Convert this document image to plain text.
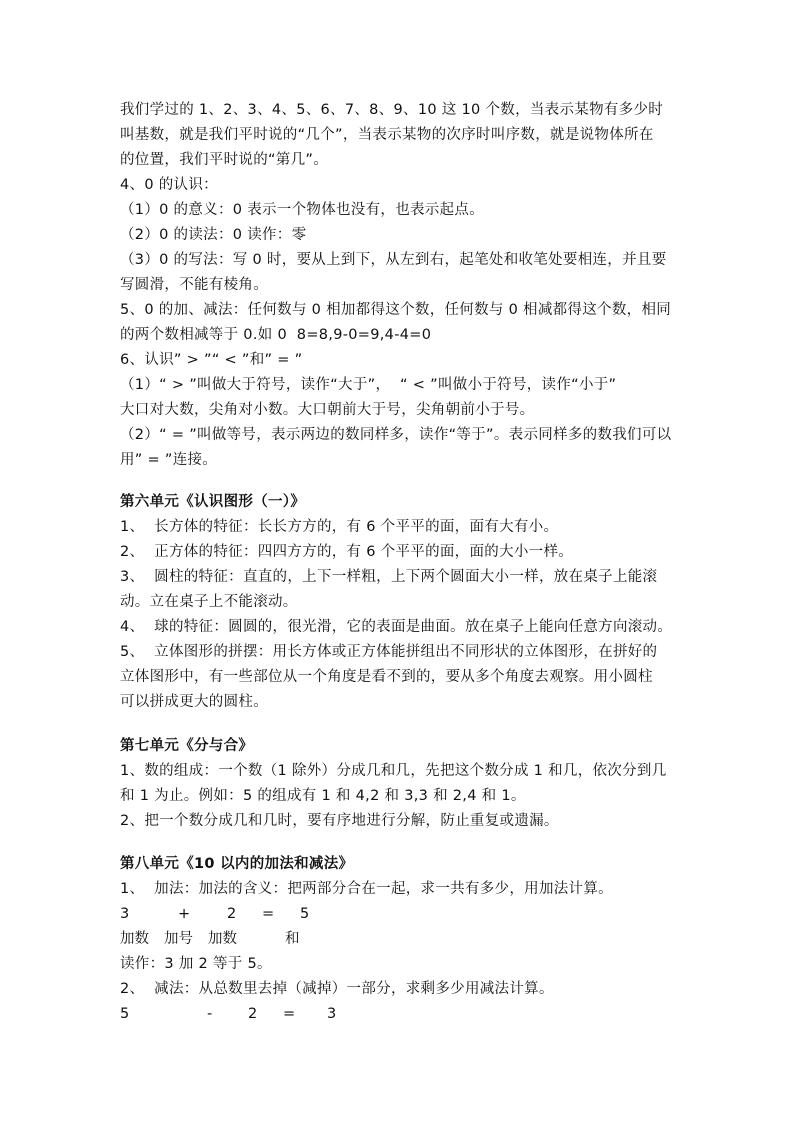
我们学过的 1、2、3、4、5、6、7、8、9、10 这 10 个数，当表示某物有多少时
叫基数，就是我们平时说的“几个”，当表示某物的次序时叫序数，就是说物体所在
的位置，我们平时说的“第几”。
4、0 的认识：
（1）0 的意义：0 表示一个物体也没有，也表示起点。
（2）0 的读法：0 读作：零
（3）0 的写法：写 0 时，要从上到下，从左到右，起笔处和收笔处要相连，并且要
写圆滑，不能有棱角。
5、0 的加、减法：任何数与 0 相加都得这个数，任何数与 0 相减都得这个数，相同
的两个数相减等于 0.如 0  8=8,9-0=9,4-4=0
6、认识” > ”“ < ”和” = ”
（1）“ > ”叫做大于符号，读作“大于”，  “ < ”叫做小于符号，读作“小于”
大口对大数，尖角对小数。大口朝前大于号，尖角朝前小于号。
（2）“ = ”叫做等号，表示两边的数同样多，读作“等于”。表示同样多的数我们可以
用” = ”连接。
第六单元《认识图形（一）》
1、  长方体的特征：长长方方的，有 6 个平平的面，面有大有小。
2、  正方体的特征：四四方方的，有 6 个平平的面，面的大小一样。
3、  圆柱的特征：直直的，上下一样粗，上下两个圆面大小一样，放在桌子上能滚
动。立在桌子上不能滚动。
4、  球的特征：圆圆的，很光滑，它的表面是曲面。放在桌子上能向任意方向滚动。
5、  立体图形的拼摆：用长方体或正方体能拼组出不同形状的立体图形，在拼好的
立体图形中，有一些部位从一个角度是看不到的，要从多个角度去观察。用小圆柱
可以拼成更大的圆柱。
第七单元《分与合》
1、数的组成：一个数（1 除外）分成几和几，先把这个数分成 1 和几，依次分到几
和 1 为止。例如：5 的组成有 1 和 4,2 和 3,3 和 2,4 和 1。
2、把一个数分成几和几时，要有序地进行分解，防止重复或遗漏。
第八单元《10 以内的加法和减法》
1、  加法：加法的含义：把两部分合在一起，求一共有多少，用加法计算。
3	+	2 = 5
加数 加号 加数	和
读作：3 加 2 等于 5。
2、  减法：从总数里去掉（减掉）一部分，求剩多少用减法计算。
5	- 2 = 3
